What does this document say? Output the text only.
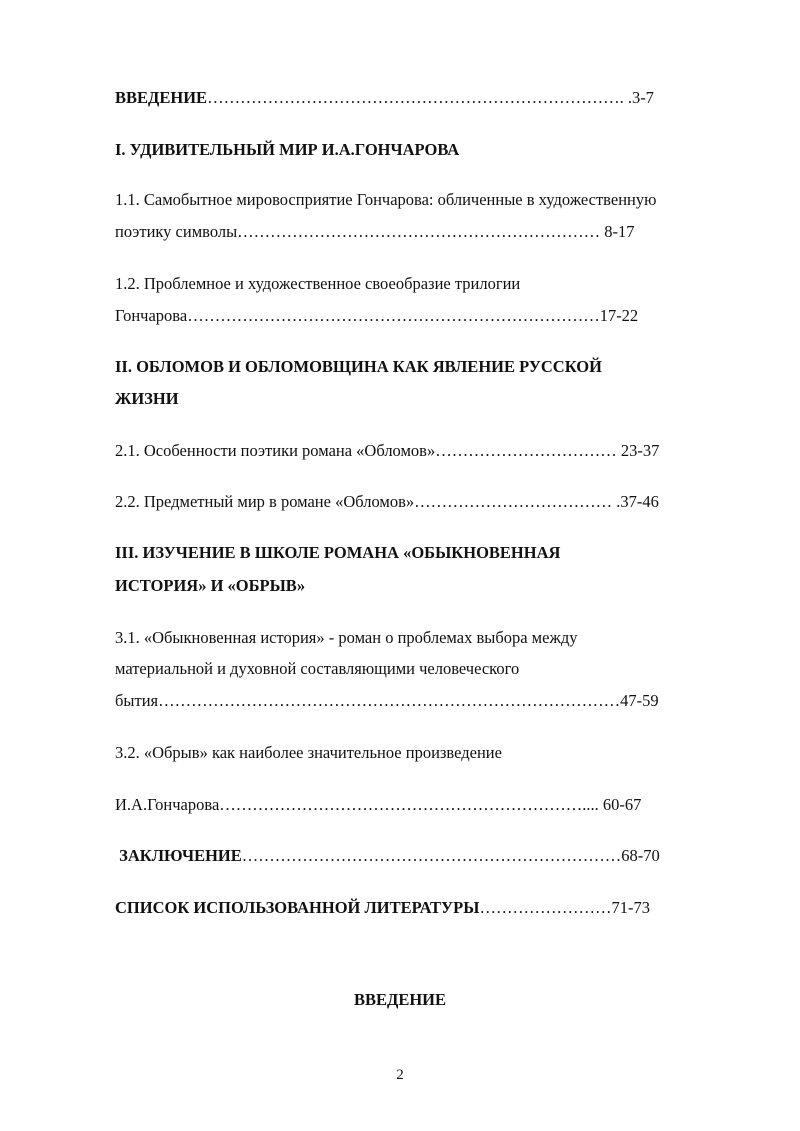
ВВЕДЕНИЕ…………………………………………………………………. .3-7
I. УДИВИТЕЛЬНЫЙ МИР И.А.ГОНЧАРОВА
1.1. Самобытное мировосприятие Гончарова: обличенные в художественную
поэтику символы………………………………………………………… 8-17
1.2. Проблемное и художественное своеобразие трилогии
Гончарова…………………………………………………………………17-22
II. ОБЛОМОВ И ОБЛОМОВЩИНА КАК ЯВЛЕНИЕ РУССКОЙ
ЖИЗНИ
2.1. Особенности поэтики романа «Обломов»…………………………… 23-37
2.2. Предметный мир в романе «Обломов»……………………………… .37-46
III. ИЗУЧЕНИЕ В ШКОЛЕ РОМАНА «ОБЫКНОВЕННАЯ
ИСТОРИЯ» И «ОБРЫВ»
3.1. «Обыкновенная история» - роман о проблемах выбора между
материальной и духовной составляющими человеческого
бытия…………………………………………………………………………47-59
3.2. «Обрыв» как наиболее значительное произведение
И.А.Гончарова………………………………………………………….... 60-67
ЗАКЛЮЧЕНИЕ……………………………………………………………68-70
СПИСОК ИСПОЛЬЗОВАННОЙ ЛИТЕРАТУРЫ……………………71-73
ВВЕДЕНИЕ
2
